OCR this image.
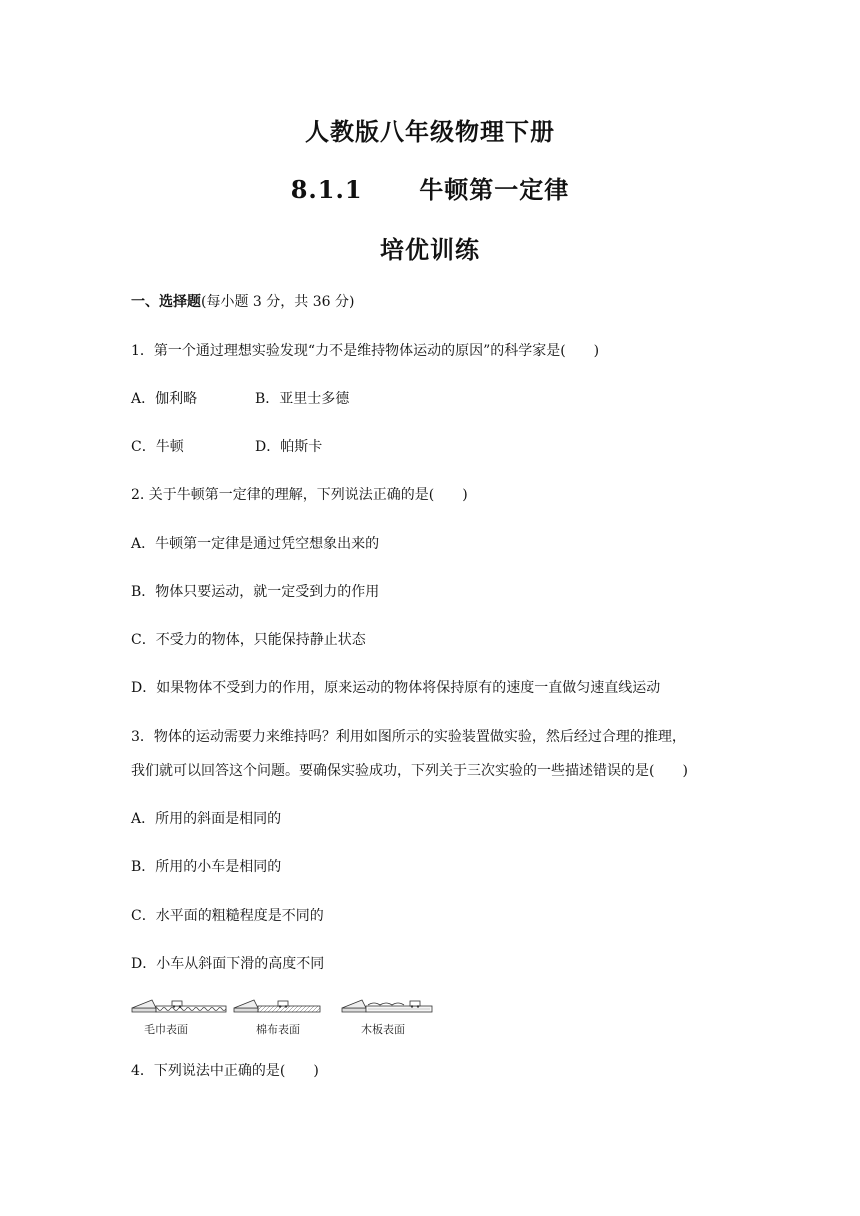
人教版八年级物理下册
8.1.1 牛顿第一定律
培优训练
一、选择题(每小题 3 分，共 36 分)
1．第一个通过理想实验发现“力不是维持物体运动的原因”的科学家是(　　)
A．伽利略	B．亚里士多德
C．牛顿	D．帕斯卡
2. 关于牛顿第一定律的理解，下列说法正确的是(　　)
A．牛顿第一定律是通过凭空想象出来的
B．物体只要运动，就一定受到力的作用
C．不受力的物体，只能保持静止状态
D．如果物体不受到力的作用，原来运动的物体将保持原有的速度一直做匀速直线运动
3．物体的运动需要力来维持吗？利用如图所示的实验装置做实验，然后经过合理的推理，
我们就可以回答这个问题。要确保实验成功，下列关于三次实验的一些描述错误的是(　　)
A．所用的斜面是相同的
B．所用的小车是相同的
C．水平面的粗糙程度是不同的
D．小车从斜面下滑的高度不同
毛巾表面	棉布表面	木板表面
4．下列说法中正确的是(　　)
